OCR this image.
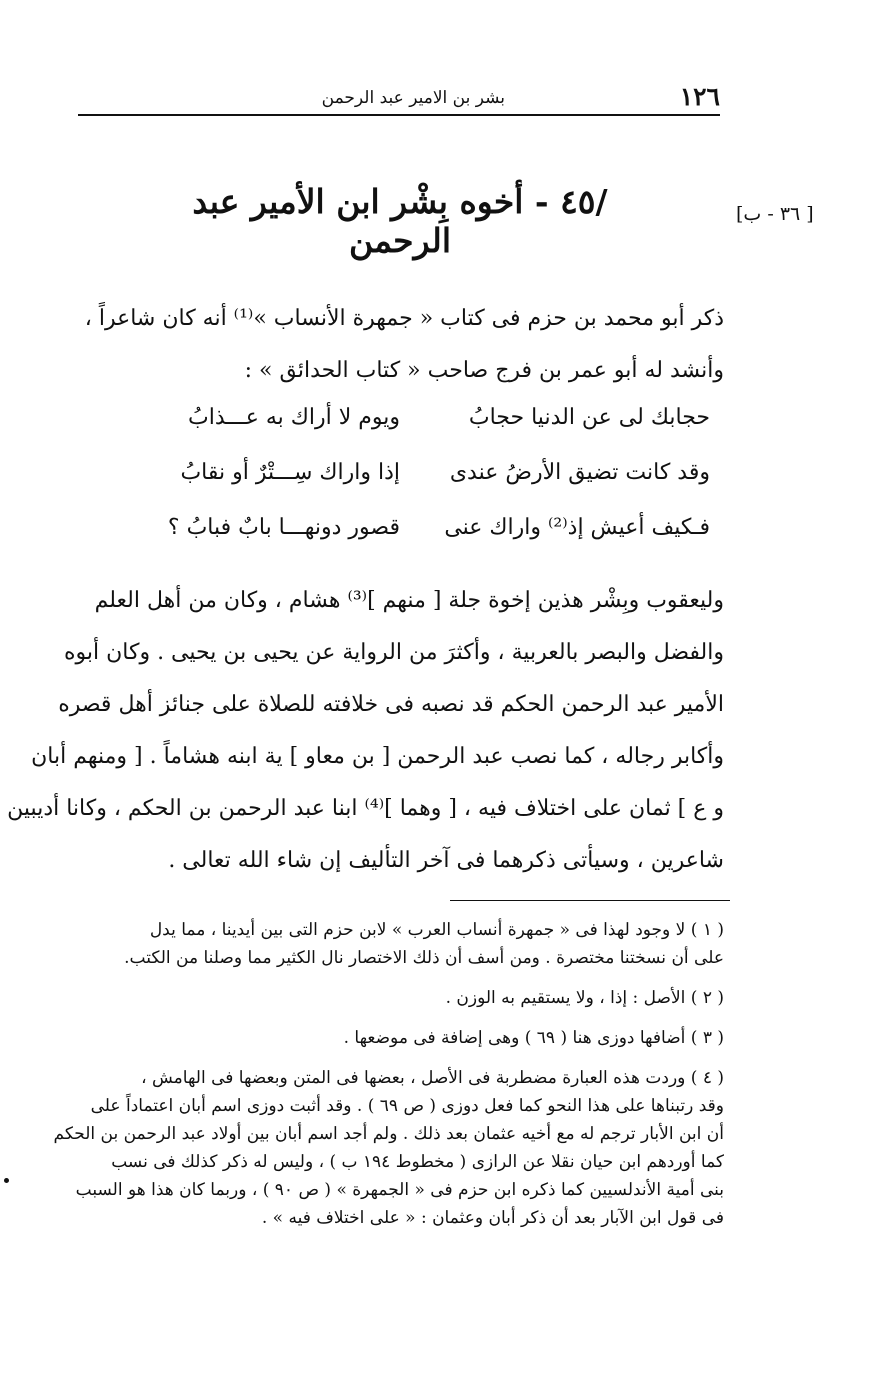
١٢٦
بشر بن الامير عبد الرحمن
[ ٣٦ - ب]
/٤٥ - أخوه بِشْر ابن الأمير عبد الرحمن

ذكر أبو محمد بن حزم فى كتاب « جمهرة الأنساب »⁽¹⁾ أنه كان شاعراً ،
وأنشد له أبو عمر بن فرج صاحب « كتاب الحدائق » :

حجابك لى عن الدنيا حجابُ
ويوم لا أراك به عـــذابُ
وقد كانت تضيق الأرضُ عندى
إذا واراك سِـــتْرٌ أو نقابُ
فـكيف أعيش إذ⁽²⁾ واراك عنى
قصور دونهـــا بابٌ فبابُ ؟

وليعقوب وبِشْر هذين إخوة جلة [ منهم ]⁽³⁾ هشام ، وكان من أهل العلم
والفضل والبصر بالعربية ، وأكثرَ من الرواية عن يحيى بن يحيى . وكان أبوه
الأمير عبد الرحمن الحكم قد نصبه فى خلافته للصلاة على جنائز أهل قصره
وأكابر رجاله ، كما نصب عبد الرحمن [ بن معاو ] ية ابنه هشاماً . [ ومنهم أبان
و ع ] ثمان على اختلاف فيه ، [ وهما ]⁽⁴⁾ ابنا عبد الرحمن بن الحكم ، وكانا أديبين
شاعرين ، وسيأتى ذكرهما فى آخر التأليف إن شاء الله تعالى .

( ١ ) لا وجود لهذا فى « جمهرة أنساب العرب » لابن حزم التى بين أيدينا ، مما يدل
على أن نسختنا مختصرة . ومن أسف أن ذلك الاختصار نال الكثير مما وصلنا من الكتب.

( ٢ ) الأصل : إذا ، ولا يستقيم به الوزن .

( ٣ ) أضافها دوزى هنا ( ٦٩ ) وهى إضافة فى موضعها .

( ٤ ) وردت هذه العبارة مضطربة فى الأصل ، بعضها فى المتن وبعضها فى الهامش ،
وقد رتبناها على هذا النحو كما فعل دوزى ( ص ٦٩ ) . وقد أثبت دوزى اسم أبان اعتماداً على
أن ابن الأبار ترجم له مع أخيه عثمان بعد ذلك . ولم أجد اسم أبان بين أولاد عبد الرحمن بن الحكم
كما أوردهم ابن حيان نقلا عن الرازى ( مخطوط ١٩٤ ب ) ، وليس له ذكر كذلك فى نسب
بنى أمية الأندلسيين كما ذكره ابن حزم فى « الجمهرة » ( ص ٩٠ ) ، وربما كان هذا هو السبب
فى قول ابن الآبار بعد أن ذكر أبان وعثمان : « على اختلاف فيه » .
